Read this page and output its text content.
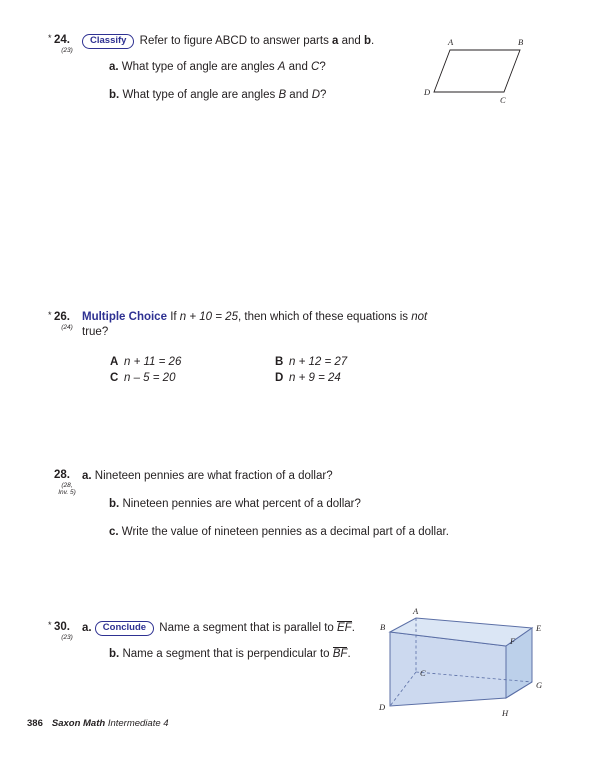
* 24.
(23)
Classify Refer to figure ABCD to answer parts a and b.
a. What type of angle are angles A and C?
b. What type of angle are angles B and D?
A	B
D
C
* 26.
(24)
Multiple Choice If n + 10 = 25, then which of these equations is not
true?
A n + 11 = 26	B n + 12 = 27
C n – 5 = 20	D n + 9 = 24
28.
(28,
Inv. 5)
a. Nineteen pennies are what fraction of a dollar?
b. Nineteen pennies are what percent of a dollar?
c. Write the value of nineteen pennies as a decimal part of a dollar.
* 30.
(23)
a. Conclude Name a segment that is parallel to EF.
b. Name a segment that is perpendicular to BF.
A
B	E
F
C
G
D
H
386 Saxon Math Intermediate 4
